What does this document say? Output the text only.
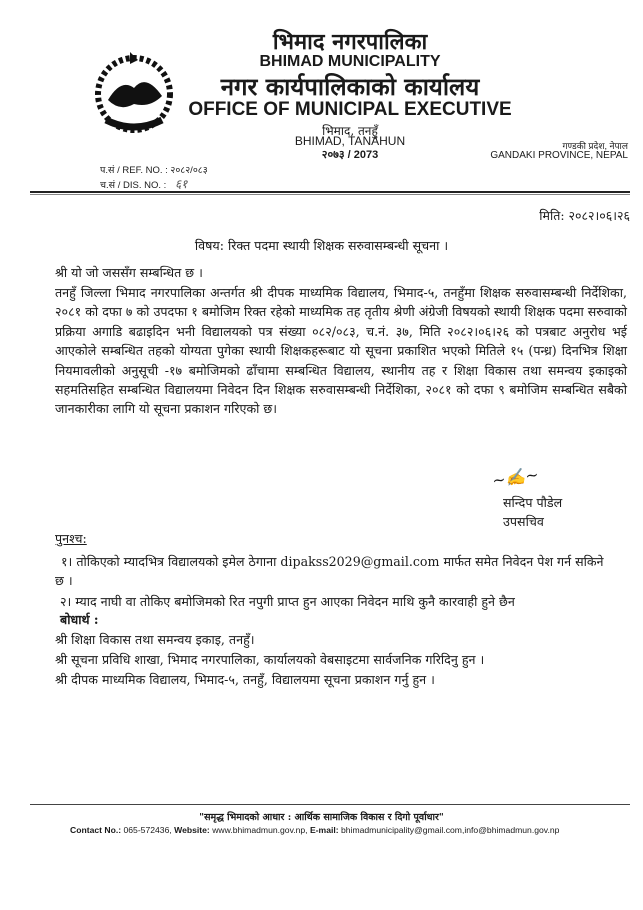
भिमाद नगरपालिका
BHIMAD MUNICIPALITY
नगर कार्यपालिकाको कार्यालय
OFFICE OF MUNICIPAL EXECUTIVE
भिमाद, तनहुँ
BHIMAD, TANAHUN
२०७३ / 2073
गण्डकी प्रदेश, नेपाल
GANDAKI PROVINCE, NEPAL
प.सं / REF. NO. : २०८२/०८३
च.सं / DIS. NO. : ६१
मिति: २०८२।०६।२६
विषय: रिक्त पदमा स्थायी शिक्षक सरुवासम्बन्धी सूचना ।
श्री यो जो जससँग सम्बन्धित छ ।
तनहुँ जिल्ला भिमाद नगरपालिका अन्तर्गत श्री दीपक माध्यमिक विद्यालय, भिमाद-५, तनहुँमा शिक्षक सरुवासम्बन्धी निर्देशिका, २०८१ को दफा ७ को उपदफा १ बमोजिम रिक्त रहेको माध्यमिक तह तृतीय श्रेणी अंग्रेजी विषयको स्थायी शिक्षक पदमा सरुवाको प्रक्रिया अगाडि बढाइदिन भनी विद्यालयको पत्र संख्या ०८२/०८३, च.नं. ३७, मिति २०८२।०६।२६ को पत्रबाट अनुरोध भई आएकोले सम्बन्धित तहको योग्यता पुगेका स्थायी शिक्षकहरूबाट यो सूचना प्रकाशित भएको मितिले १५ (पन्ध्र) दिनभित्र शिक्षा नियमावलीको अनुसूची -१७ बमोजिमको ढाँचामा सम्बन्धित विद्यालय, स्थानीय तह र शिक्षा विकास तथा समन्वय इकाइको सहमतिसहित सम्बन्धित विद्यालयमा निवेदन दिन शिक्षक सरुवासम्बन्धी निर्देशिका, २०८१ को दफा ९ बमोजिम सम्बन्धित सबैको जानकारीका लागि यो सूचना प्रकाशन गरिएको छ।
~✍~
सन्दिप पौडेल
उपसचिव
पुनश्च:
१। तोकिएको म्यादभित्र विद्यालयको इमेल ठेगाना dipakss2029@gmail.com मार्फत समेत निवेदन पेश गर्न सकिने छ ।
२। म्याद नाघी वा तोकिए बमोजिमको रित नपुगी प्राप्त हुन आएका निवेदन माथि कुनै कारवाही हुने छैन
बोधार्थ :
श्री शिक्षा विकास तथा समन्वय इकाइ, तनहुँ।
श्री सूचना प्रविधि शाखा, भिमाद नगरपालिका, कार्यालयको वेबसाइटमा सार्वजनिक गरिदिनु हुन ।
श्री दीपक माध्यमिक विद्यालय, भिमाद-५, तनहुँ, विद्यालयमा सूचना प्रकाशन गर्नु हुन ।
"समृद्ध भिमादको आधार : आर्थिक सामाजिक विकास र दिगो पूर्वाधार"
Contact No.: 065-572436, Website: www.bhimadmun.gov.np, E-mail: bhimadmunicipality@gmail.com,info@bhimadmun.gov.np
